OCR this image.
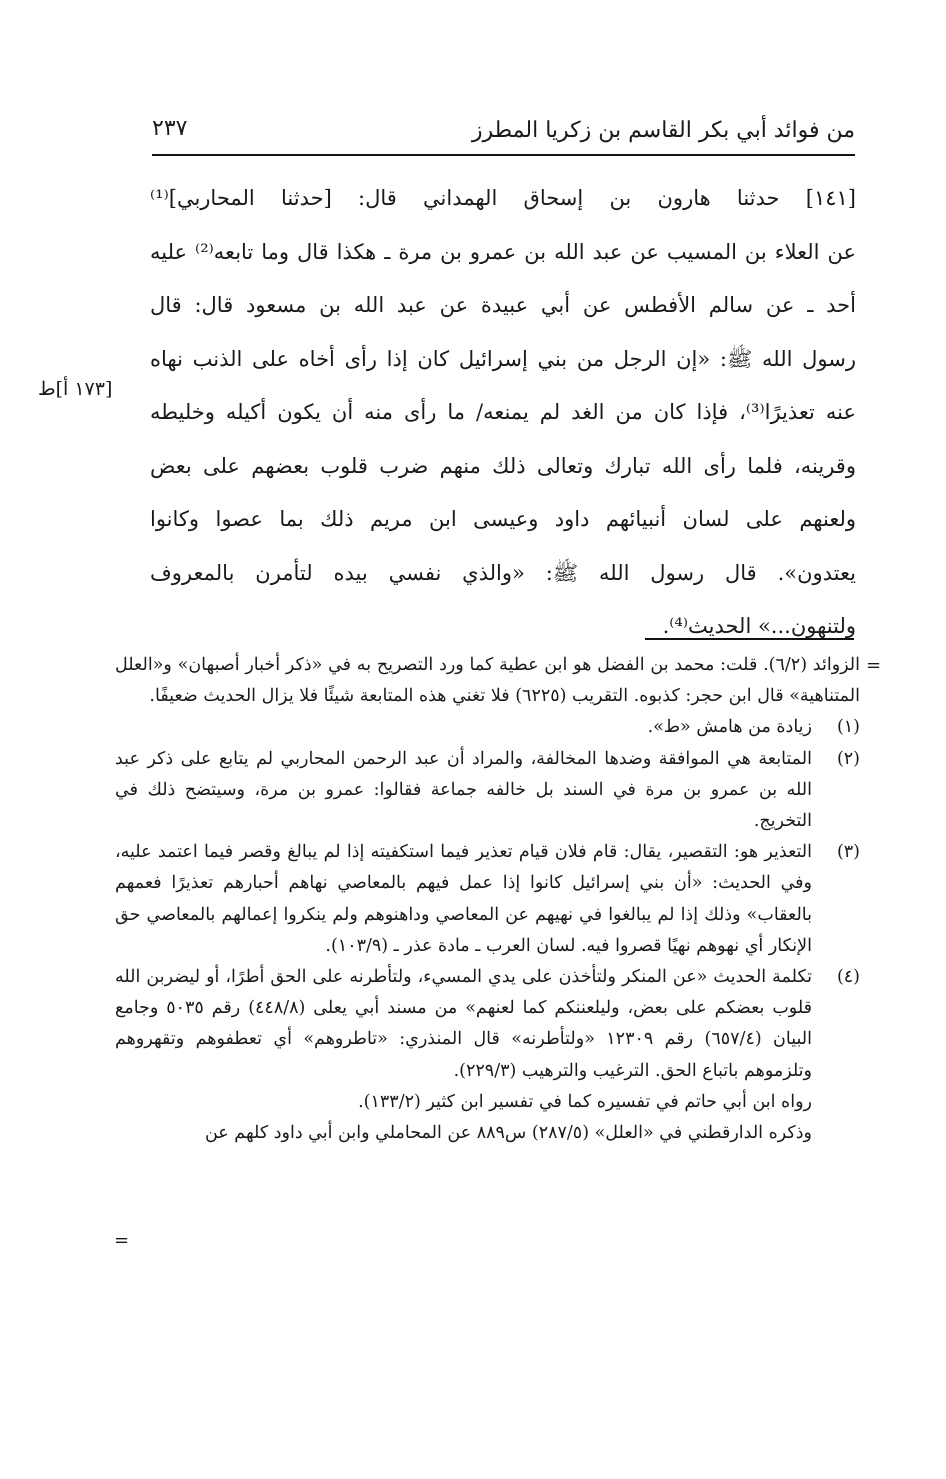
من فوائد أبي بكر القاسم بن زكريا المطرز
٢٣٧
[١٤١] حدثنا هارون بن إسحاق الهمداني قال: [حدثنا المحاربي]⁽¹⁾
عن العلاء بن المسيب عن عبد الله بن عمرو بن مرة ـ هكذا قال وما تابعه⁽²⁾ عليه
أحد ـ عن سالم الأفطس عن أبي عبيدة عن عبد الله بن مسعود قال: قال
رسول الله ﷺ: «إن الرجل من بني إسرائيل كان إذا رأى أخاه على الذنب نهاه
عنه تعذيرًا⁽³⁾، فإذا كان من الغد لم يمنعه/ ما رأى منه أن يكون أكيله وخليطه
وقرينه، فلما رأى الله تبارك وتعالى ذلك منهم ضرب قلوب بعضهم على بعض
ولعنهم على لسان أنبيائهم داود وعيسى ابن مريم ذلك بما عصوا وكانوا
يعتدون». قال رسول الله ﷺ: «والذي نفسي بيده لتأمرن بالمعروف
ولتنهون...» الحديث⁽⁴⁾.
[١٧٣ أ]ط
=

الزوائد (٦/٢). قلت: محمد بن الفضل هو ابن عطية كما ورد التصريح به في «ذكر أخبار أصبهان» و«العلل المتناهية» قال ابن حجر: كذبوه. التقريب (٦٢٢٥) فلا تغني هذه المتابعة شيئًا فلا يزال الحديث ضعيفًا.

(١)
زيادة من هامش «ط».

(٢)
المتابعة هي الموافقة وضدها المخالفة، والمراد أن عبد الرحمن المحاربي لم يتابع على ذكر عبد الله بن عمرو بن مرة في السند بل خالفه جماعة فقالوا: عمرو بن مرة، وسيتضح ذلك في التخريج.

(٣)
التعذير هو: التقصير، يقال: قام فلان قيام تعذير فيما استكفيته إذا لم يبالغ وقصر فيما اعتمد عليه، وفي الحديث: «أن بني إسرائيل كانوا إذا عمل فيهم بالمعاصي نهاهم أحبارهم تعذيرًا فعمهم بالعقاب» وذلك إذا لم يبالغوا في نهيهم عن المعاصي وداهنوهم ولم ينكروا إعمالهم بالمعاصي حق الإنكار أي نهوهم نهيًا قصروا فيه. لسان العرب ـ مادة عذر ـ (١٠٣/٩).

(٤)
تكلمة الحديث «عن المنكر ولتأخذن على يدي المسيء، ولتأطرنه على الحق أطرًا، أو ليضربن الله قلوب بعضكم على بعض، وليلعننكم كما لعنهم» من مسند أبي يعلى (٤٤٨/٨) رقم ٥٠٣٥ وجامع البيان (٦٥٧/٤) رقم ١٢٣٠٩ «ولتأطرنه» قال المنذري: «تاطروهم» أي تعطفوهم وتقهروهم وتلزموهم باتباع الحق. الترغيب والترهيب (٢٢٩/٣).

رواه ابن أبي حاتم في تفسيره كما في تفسير ابن كثير (١٣٣/٢).

وذكره الدارقطني في «العلل» (٢٨٧/٥) س٨٨٩ عن المحاملي وابن أبي داود كلهم عن

=
